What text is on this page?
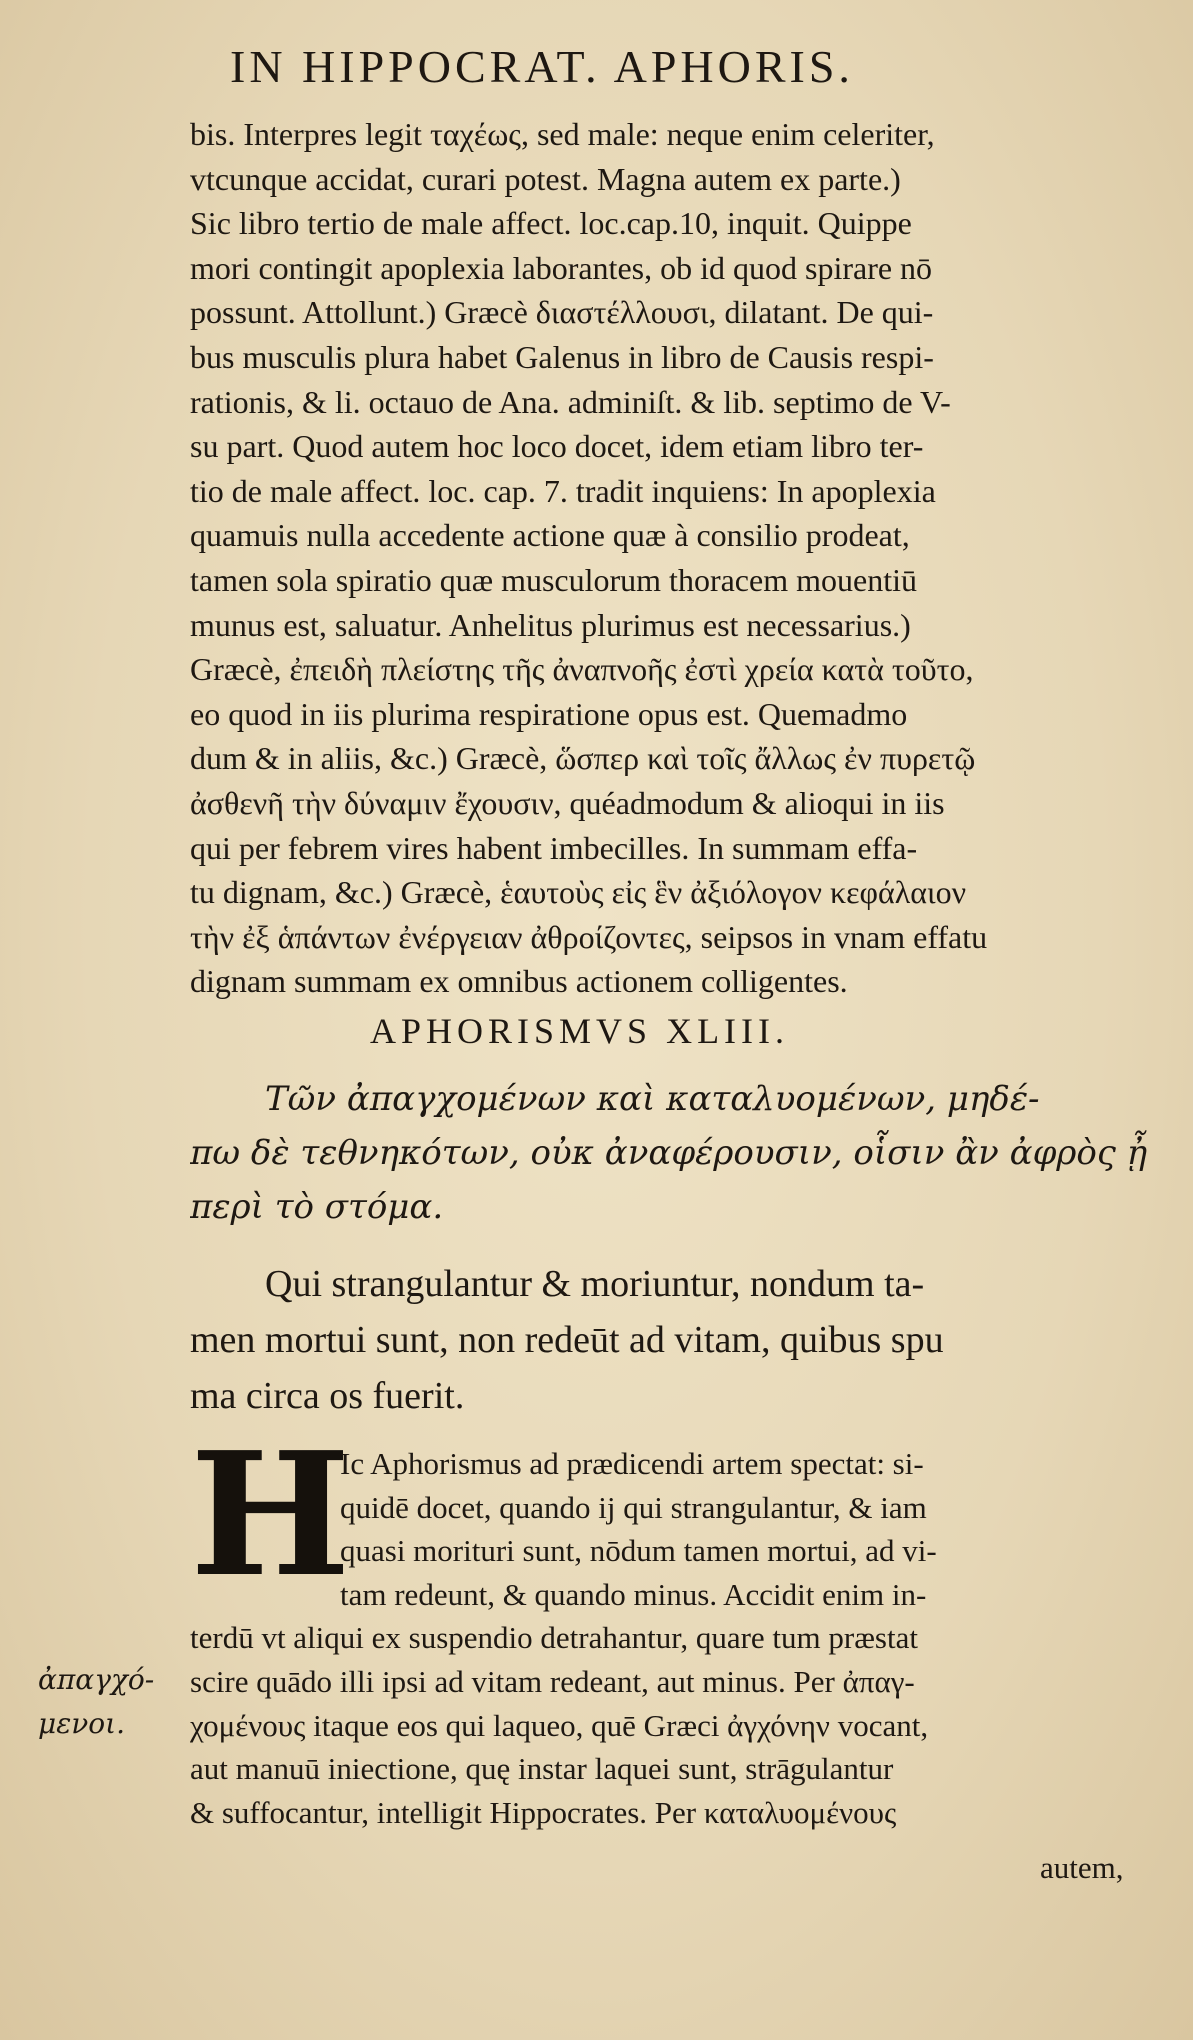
IN HIPPOCRAT. APHORIS.
bis. Interpres legit ταχέως, sed male: neque enim celeriter,
vtcunque accidat, curari potest. Magna autem ex parte.)
Sic libro tertio de male affect. loc.cap.10, inquit. Quippe
mori contingit apoplexia laborantes, ob id quod spirare nō
possunt. Attollunt.) Græcè διαστέλλουσι, dilatant. De qui-
bus musculis plura habet Galenus in libro de Causis respi-
rationis, & li. octauo de Ana. adminiſt. & lib. septimo de V-
su part. Quod autem hoc loco docet, idem etiam libro ter-
tio de male affect. loc. cap. 7. tradit inquiens: In apoplexia
quamuis nulla accedente actione quæ à consilio prodeat,
tamen sola spiratio quæ musculorum thoracem mouentiū
munus est, saluatur. Anhelitus plurimus est necessarius.)
Græcè, ἐπειδὴ πλείστης τῆς ἀναπνοῆς ἐστὶ χρεία κατὰ τοῦτο,
eo quod in iis plurima respiratione opus est. Quemadmo
dum & in aliis, &c.) Græcè, ὥσπερ καὶ τοῖς ἄλλως ἐν πυρετῷ
ἀσθενῆ τὴν δύναμιν ἔχουσιν, quéadmodum & alioqui in iis
qui per febrem vires habent imbecilles. In summam effa-
tu dignam, &c.) Græcè, ἑαυτοὺς εἰς ἓν ἀξιόλογον κεφάλαιον
τὴν ἐξ ἁπάντων ἐνέργειαν ἀθροίζοντες, seipsos in vnam effatu
dignam summam ex omnibus actionem colligentes.
APHORISMVS XLIII.
Τῶν ἀπαγχομένων καὶ καταλυομένων, μηδέ-
πω δὲ τεθνηκότων, οὐκ ἀναφέρουσιν, οἷσιν ἂν ἀφρὸς ᾖ
περὶ τὸ στόμα.
Qui strangulantur & moriuntur, nondum ta-
men mortui sunt, non redeūt ad vitam, quibus spu
ma circa os fuerit.
H
Ic Aphorismus ad prædicendi artem spectat: si-
quidē docet, quando ij qui strangulantur, & iam
quasi morituri sunt, nōdum tamen mortui, ad vi-
tam redeunt, & quando minus. Accidit enim in-
terdū vt aliqui ex suspendio detrahantur, quare tum præstat
scire quādo illi ipsi ad vitam redeant, aut minus. Per ἀπαγ-
χομένους itaque eos qui laqueo, quē Græci ἀγχόνην vocant,
aut manuū iniectione, quę instar laquei sunt, strāgulantur
& suffocantur, intelligit Hippocrates. Per καταλυομένους
ἀπαγχό-
μενοι.
autem,
